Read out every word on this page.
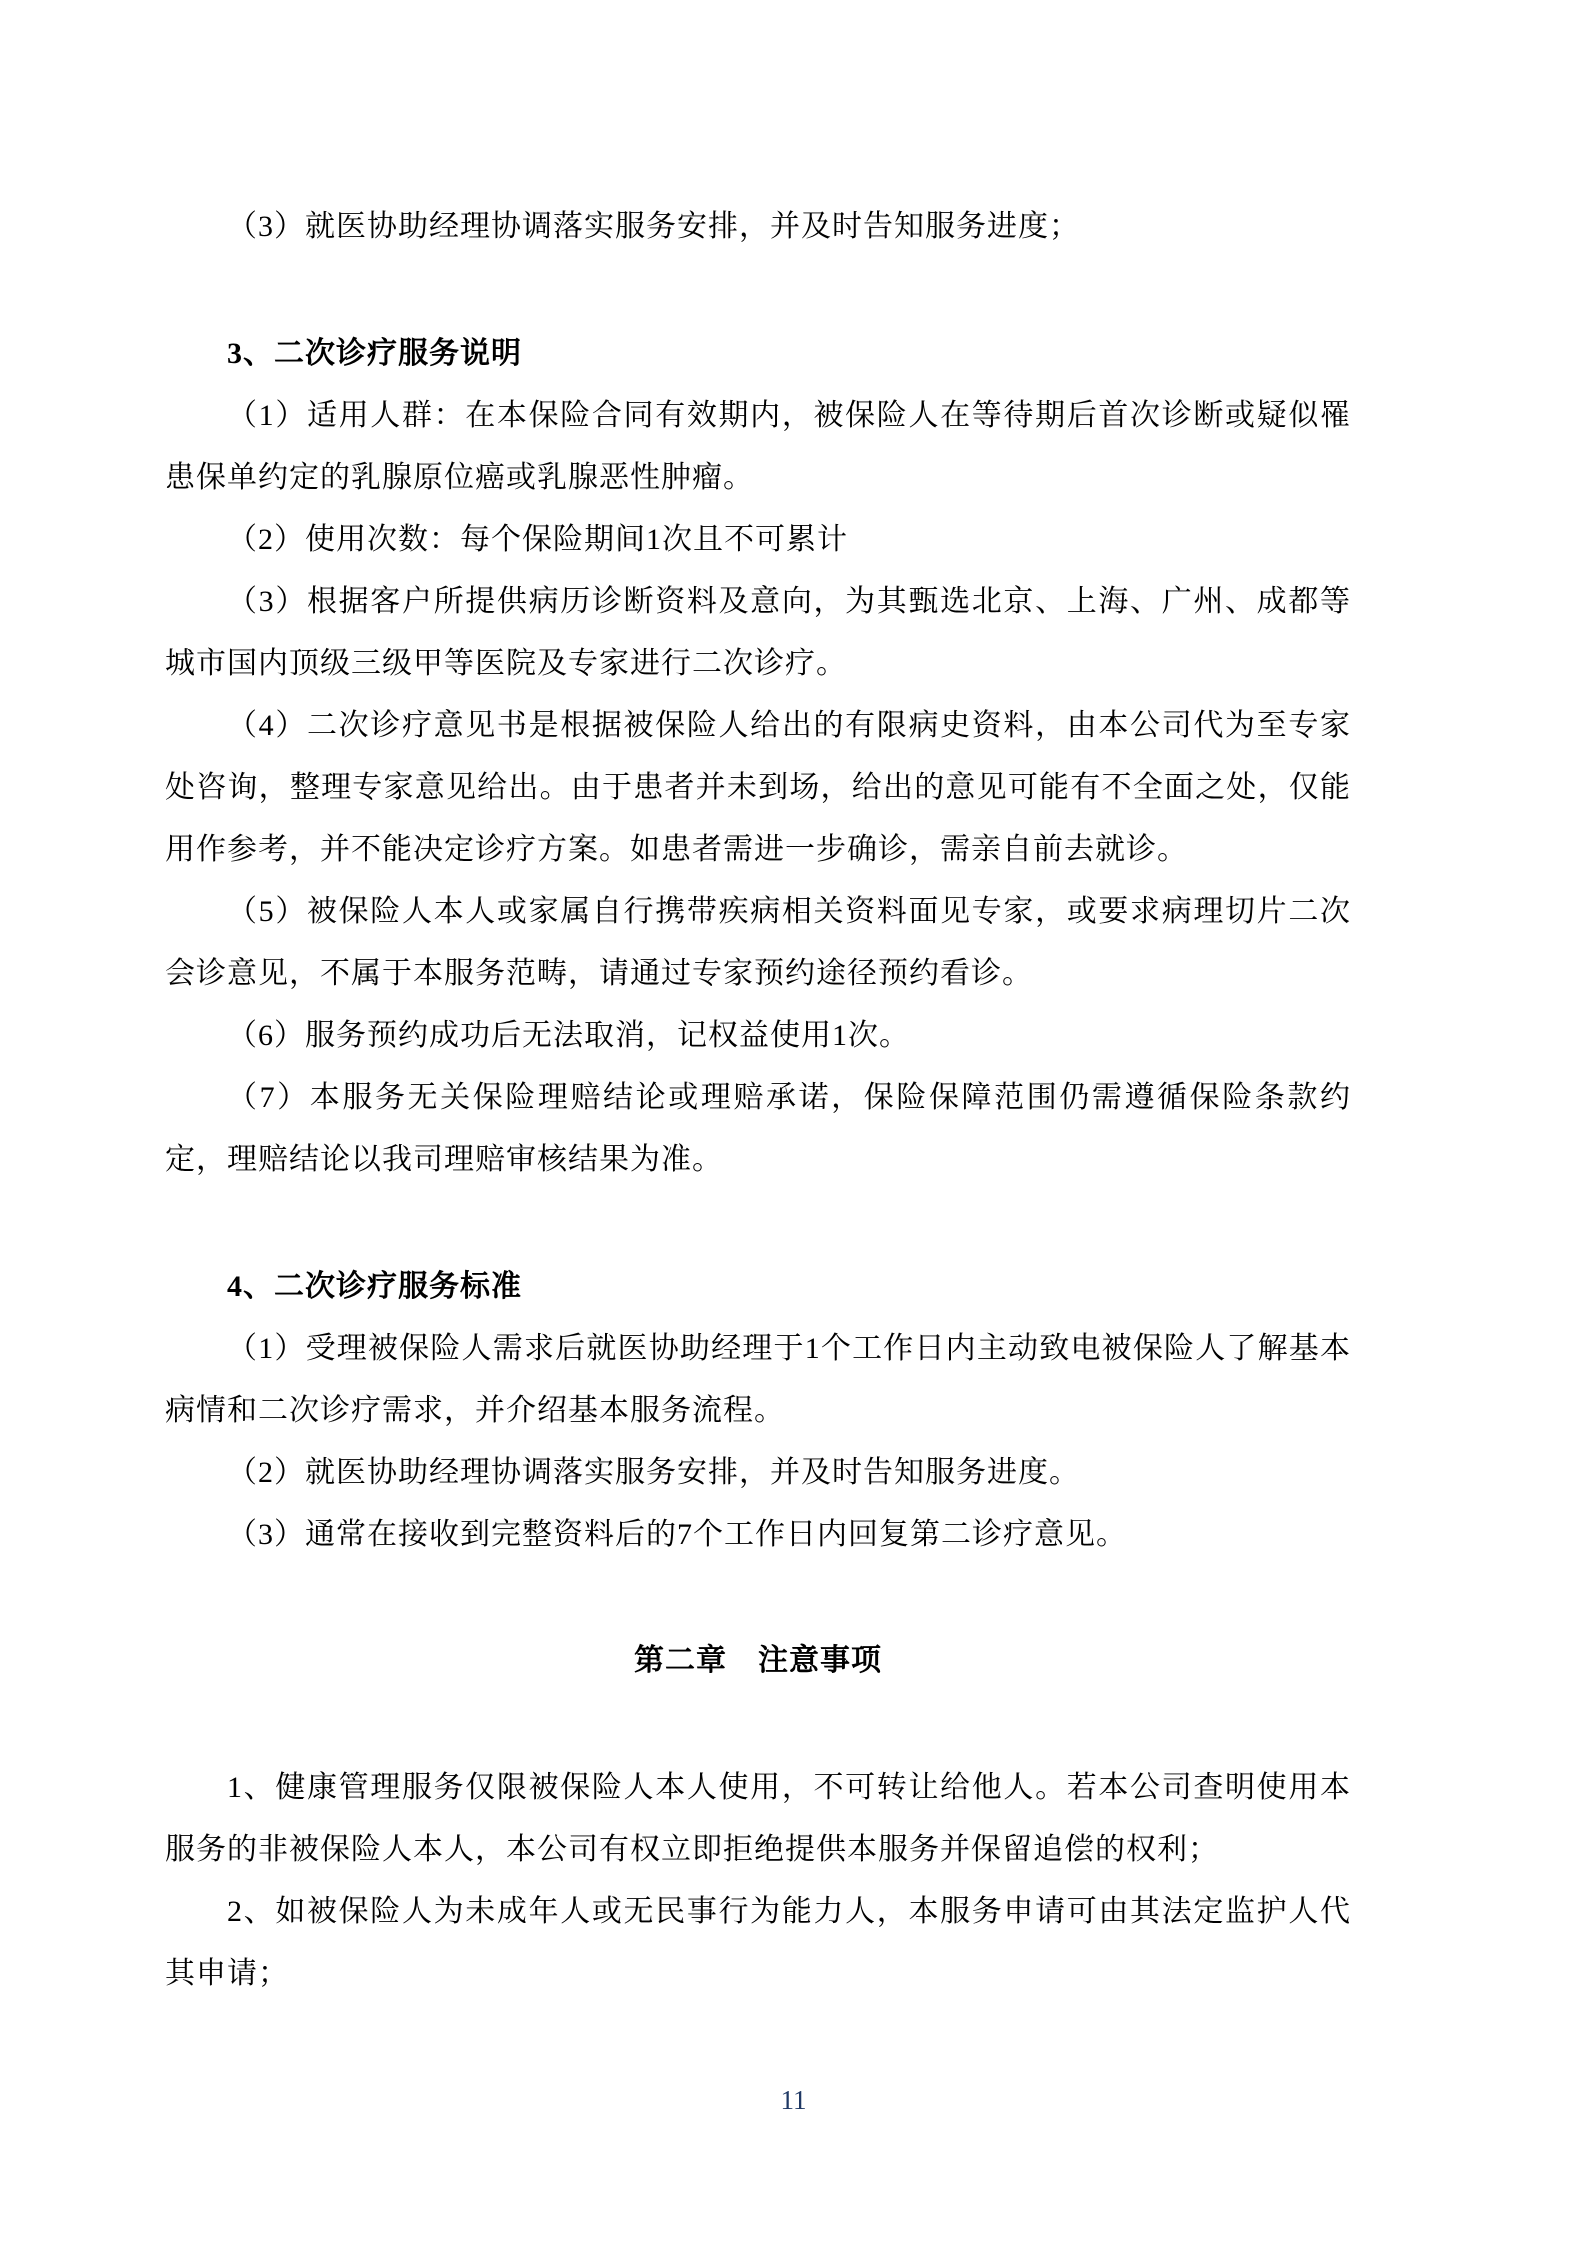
（3）就医协助经理协调落实服务安排，并及时告知服务进度；

3、二次诊疗服务说明

（1）适用人群：在本保险合同有效期内，被保险人在等待期后首次诊断或疑似罹患保单约定的乳腺原位癌或乳腺恶性肿瘤。

（2）使用次数：每个保险期间1次且不可累计

（3）根据客户所提供病历诊断资料及意向，为其甄选北京、上海、广州、成都等城市国内顶级三级甲等医院及专家进行二次诊疗。

（4）二次诊疗意见书是根据被保险人给出的有限病史资料，由本公司代为至专家处咨询，整理专家意见给出。由于患者并未到场，给出的意见可能有不全面之处，仅能用作参考，并不能决定诊疗方案。如患者需进一步确诊，需亲自前去就诊。

（5）被保险人本人或家属自行携带疾病相关资料面见专家，或要求病理切片二次会诊意见，不属于本服务范畴，请通过专家预约途径预约看诊。

（6）服务预约成功后无法取消，记权益使用1次。

（7）本服务无关保险理赔结论或理赔承诺，保险保障范围仍需遵循保险条款约定，理赔结论以我司理赔审核结果为准。

4、二次诊疗服务标准

（1）受理被保险人需求后就医协助经理于1个工作日内主动致电被保险人了解基本病情和二次诊疗需求，并介绍基本服务流程。

（2）就医协助经理协调落实服务安排，并及时告知服务进度。

（3）通常在接收到完整资料后的7个工作日内回复第二诊疗意见。

第二章　注意事项

1、健康管理服务仅限被保险人本人使用，不可转让给他人。若本公司查明使用本服务的非被保险人本人，本公司有权立即拒绝提供本服务并保留追偿的权利；

2、如被保险人为未成年人或无民事行为能力人，本服务申请可由其法定监护人代其申请；

11
